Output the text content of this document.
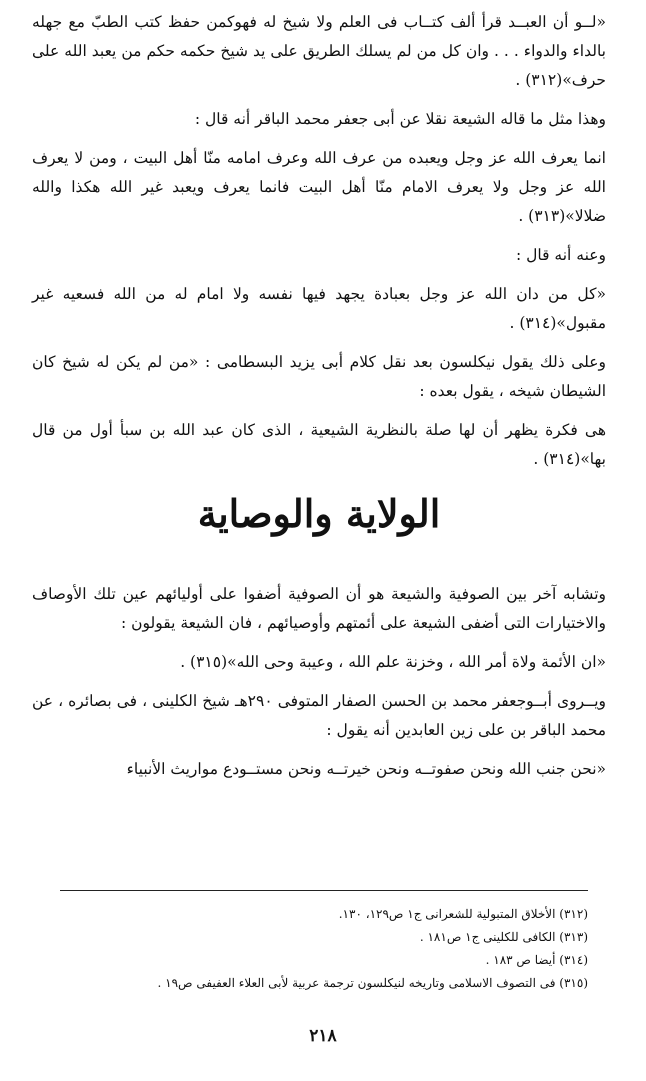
«لــو أن العبــد قرأ ألف كتــاب فى العلم ولا شيخ له فهوكمن حفظ كتب الطبّ مع جهله بالداء والدواء . . . وان كل من لم يسلك الطريق على يد شيخ حكمه حكم من يعبد الله على حرف»(٣١٢) .

وهذا مثل ما قاله الشيعة نقلا عن أبى جعفر محمد الباقر أنه قال :

انما يعرف الله عز وجل ويعبده من عرف الله وعرف امامه منّا أهل البيت ، ومن لا يعرف الله عز وجل ولا يعرف الامام منّا أهل البيت فانما يعرف ويعبد غير الله هكذا والله ضلالا»(٣١٣) .

وعنه أنه قال :

«كل من دان الله عز وجل بعبادة يجهد فيها نفسه ولا امام له من الله فسعيه غير مقبول»(٣١٤) .

وعلى ذلك يقول نيكلسون بعد نقل كلام أبى يزيد البسطامى : «من لم يكن له شيخ كان الشيطان شيخه ، يقول بعده :

هى فكرة يظهر أن لها صلة بالنظرية الشيعية ، الذى كان عبد الله بن سبأ أول من قال بها»(٣١٤) .

الولاية والوصاية

وتشابه آخر بين الصوفية والشيعة هو أن الصوفية أضفوا على أوليائهم عين تلك الأوصاف والاختيارات التى أضفى الشيعة على أئمتهم وأوصيائهم ، فان الشيعة يقولون :

«ان الأئمة ولاة أمر الله ، وخزنة علم الله ، وعيبة وحى الله»(٣١٥) .

ويــروى أبــوجعفر محمد بن الحسن الصفار المتوفى ٢٩٠هـ شيخ الكلينى ، فى بصائره ، عن محمد الباقر بن على زين العابدين أنه يقول :

«نحن جنب الله ونحن صفوتــه ونحن خيرتــه ونحن مستــودع مواريث الأنبياء

(٣١٢) الأخلاق المتبولية للشعرانى ج١ ص١٢٩، ١٣٠.

(٣١٣) الكافى للكلينى ج١ ص١٨١ .

(٣١٤) أيضا ص ١٨٣ .

(٣١٥) فى التصوف الاسلامى وتاريخه لنيكلسون ترجمة عربية لأبى العلاء العفيفى ص١٩ .

٢١٨
